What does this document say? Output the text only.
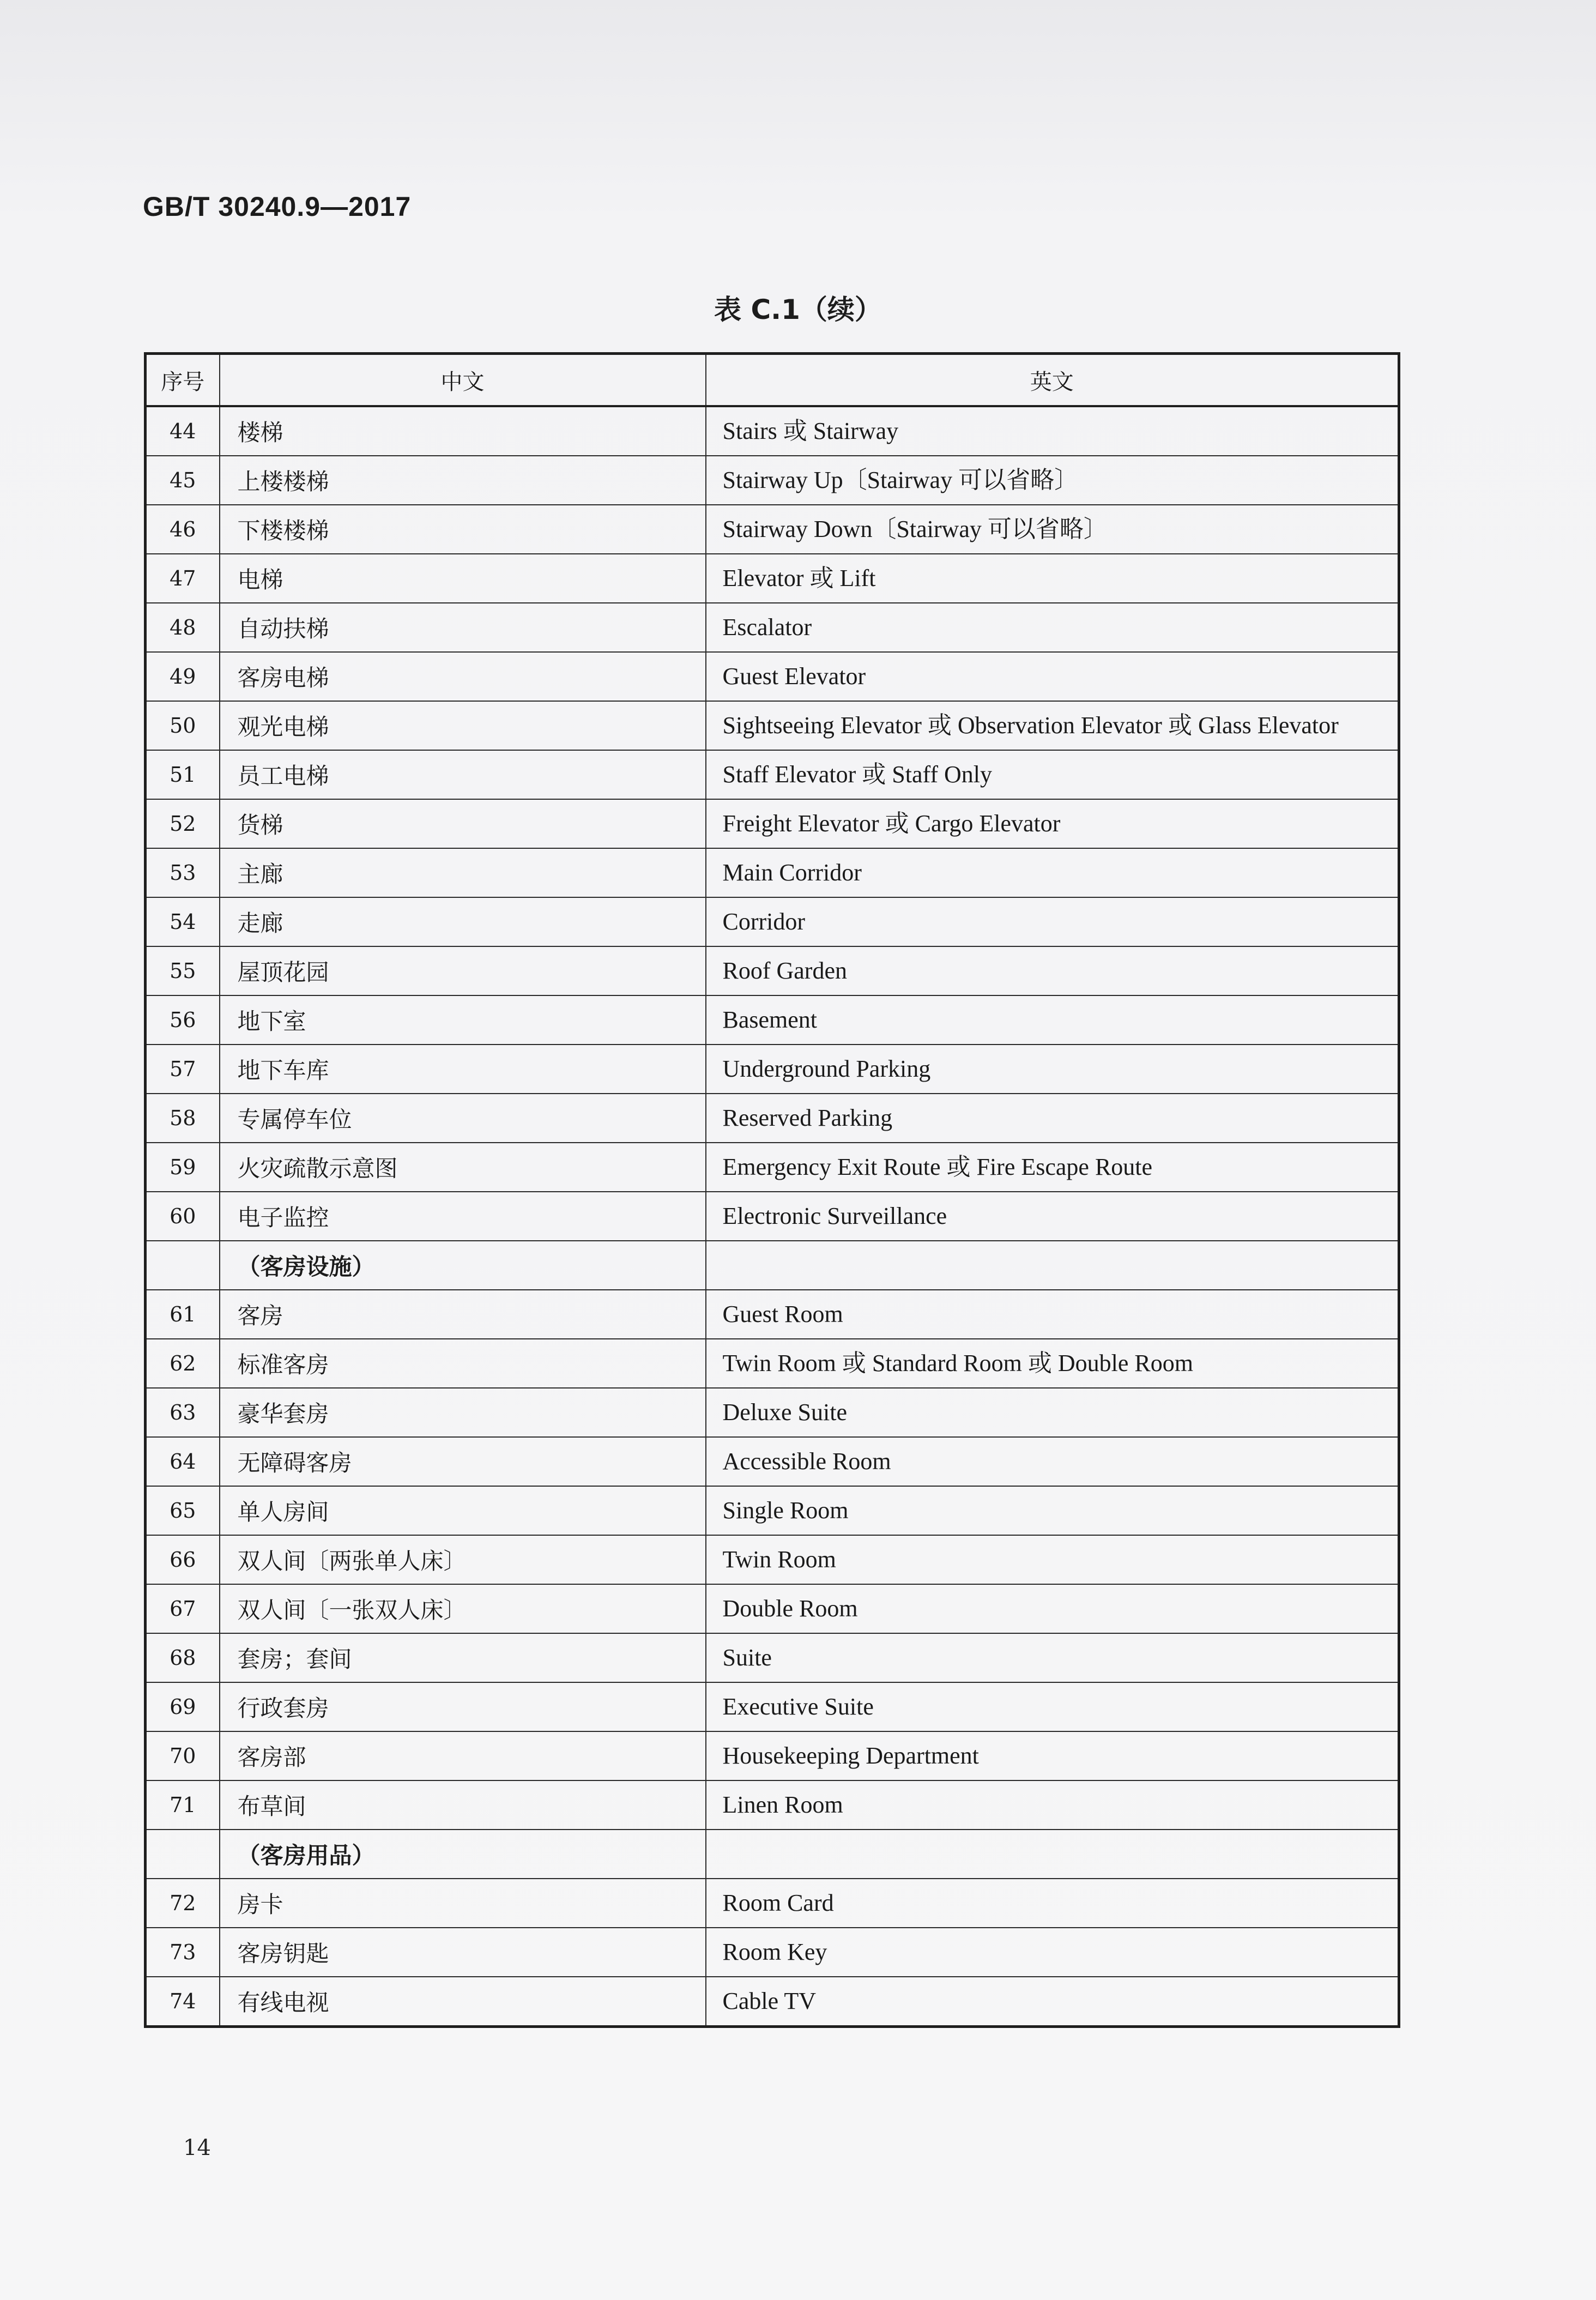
GB/T 30240.9—2017
表 C.1（续）
序号	中文	英文
44	楼梯	Stairs 或 Stairway
45	上楼楼梯	Stairway Up〔Stairway 可以省略〕
46	下楼楼梯	Stairway Down〔Stairway 可以省略〕
47	电梯	Elevator 或 Lift
48	自动扶梯	Escalator
49	客房电梯	Guest Elevator
50	观光电梯	Sightseeing Elevator 或 Observation Elevator 或 Glass Elevator
51	员工电梯	Staff Elevator 或 Staff Only
52	货梯	Freight Elevator 或 Cargo Elevator
53	主廊	Main Corridor
54	走廊	Corridor
55	屋顶花园	Roof Garden
56	地下室	Basement
57	地下车库	Underground Parking
58	专属停车位	Reserved Parking
59	火灾疏散示意图	Emergency Exit Route 或 Fire Escape Route
60	电子监控	Electronic Surveillance
	（客房设施）	
61	客房	Guest Room
62	标准客房	Twin Room 或 Standard Room 或 Double Room
63	豪华套房	Deluxe Suite
64	无障碍客房	Accessible Room
65	单人房间	Single Room
66	双人间〔两张单人床〕	Twin Room
67	双人间〔一张双人床〕	Double Room
68	套房；套间	Suite
69	行政套房	Executive Suite
70	客房部	Housekeeping Department
71	布草间	Linen Room
	（客房用品）	
72	房卡	Room Card
73	客房钥匙	Room Key
74	有线电视	Cable TV
14
